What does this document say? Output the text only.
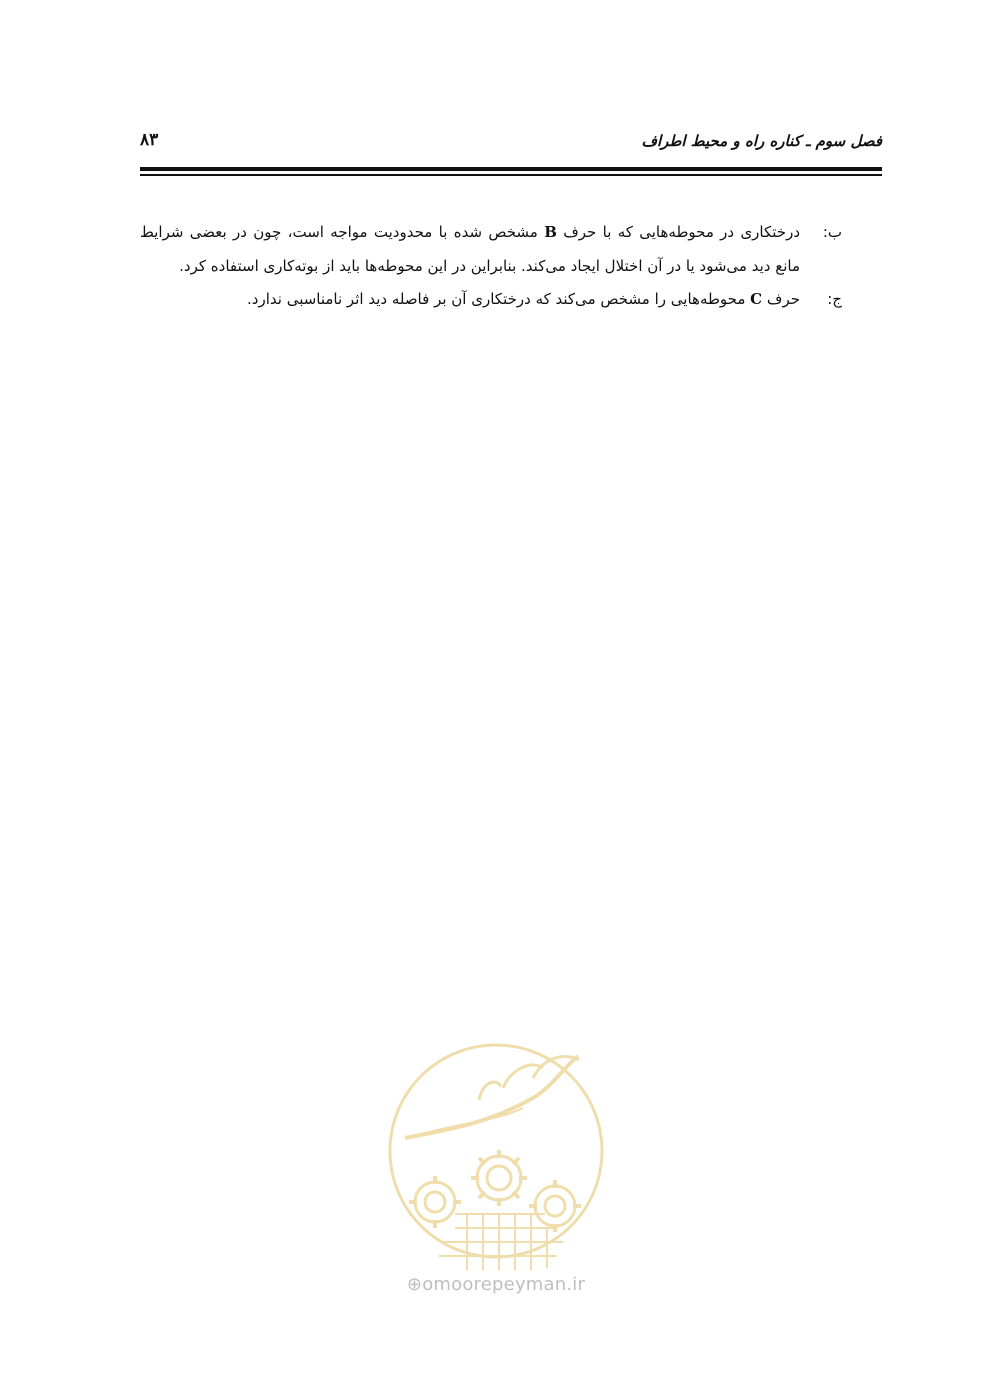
فصل سوم ـ کناره راه و محیط اطراف
۸۳

ب:
درختکاری در محوطه‌هایی که با حرف B مشخص شده با محدودیت مواجه است، چون در بعضی شرایط مانع دید می‌شود یا در آن اختلال ایجاد می‌کند. بنابراین در این محوطه‌ها باید از بوته‌کاری استفاده کرد.

ج:
حرف C محوطه‌هایی را مشخص می‌کند که درختکاری آن بر فاصله دید اثر نامناسبی ندارد.

⊕omoorepeyman.ir
